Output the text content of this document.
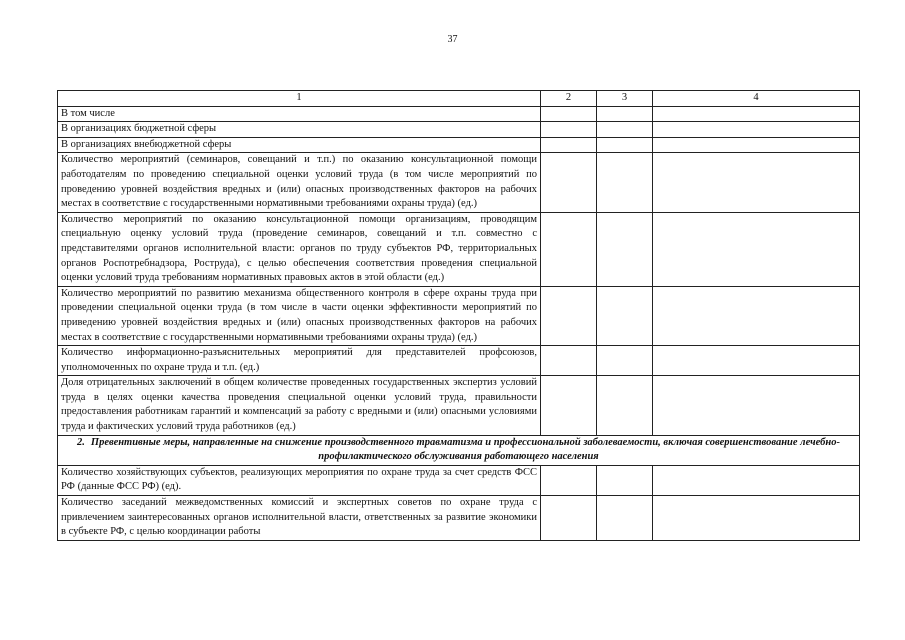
37
1	2	3	4
В том числе			
В организациях бюджетной сферы			
В организациях внебюджетной сферы			
Количество мероприятий (семинаров, совещаний и т.п.) по оказанию консультационной помощи работодателям по проведению специальной оценки условий труда (в том числе мероприятий по проведению уровней воздействия вредных и (или) опасных производственных факторов на рабочих местах в соответствие с государственными нормативными требованиями охраны труда) (ед.)			
Количество мероприятий по оказанию консультационной помощи организациям, проводящим специальную оценку условий труда (проведение семинаров, совещаний и т.п. совместно с представителями органов исполнительной власти: органов по труду субъектов РФ, территориальных органов Роспотребнадзора, Роструда), с целью обеспечения соответствия проведения специальной оценки условий труда требованиям нормативных правовых актов в этой области (ед.)			
Количество мероприятий по развитию механизма общественного контроля в сфере охраны труда при проведении специальной оценки труда (в том числе в части оценки эффективности мероприятий по приведению уровней воздействия вредных и (или) опасных производственных факторов на рабочих местах в соответствие с государственными нормативными требованиями охраны труда) (ед.)			
Количество информационно-разъяснительных мероприятий для представителей профсоюзов, уполномоченных по охране труда и т.п. (ед.)			
Доля отрицательных заключений в общем количестве проведенных государственных экспертиз условий труда в целях оценки качества проведения специальной оценки условий труда, правильности предоставления работникам гарантий и компенсаций за работу с вредными и (или) опасными условиями труда и фактических условий труда работников (ед.)			
2. Превентивные меры, направленные на снижение производственного травматизма и профессиональной заболеваемости, включая совершенствование лечебно-профилактического обслуживания работающего населения			
Количество хозяйствующих субъектов, реализующих мероприятия по охране труда за счет средств ФСС РФ (данные ФСС РФ) (ед).			
Количество заседаний межведомственных комиссий и экспертных советов по охране труда с привлечением заинтересованных органов исполнительной власти, ответственных за развитие экономики в субъекте РФ, с целью координации работы			
